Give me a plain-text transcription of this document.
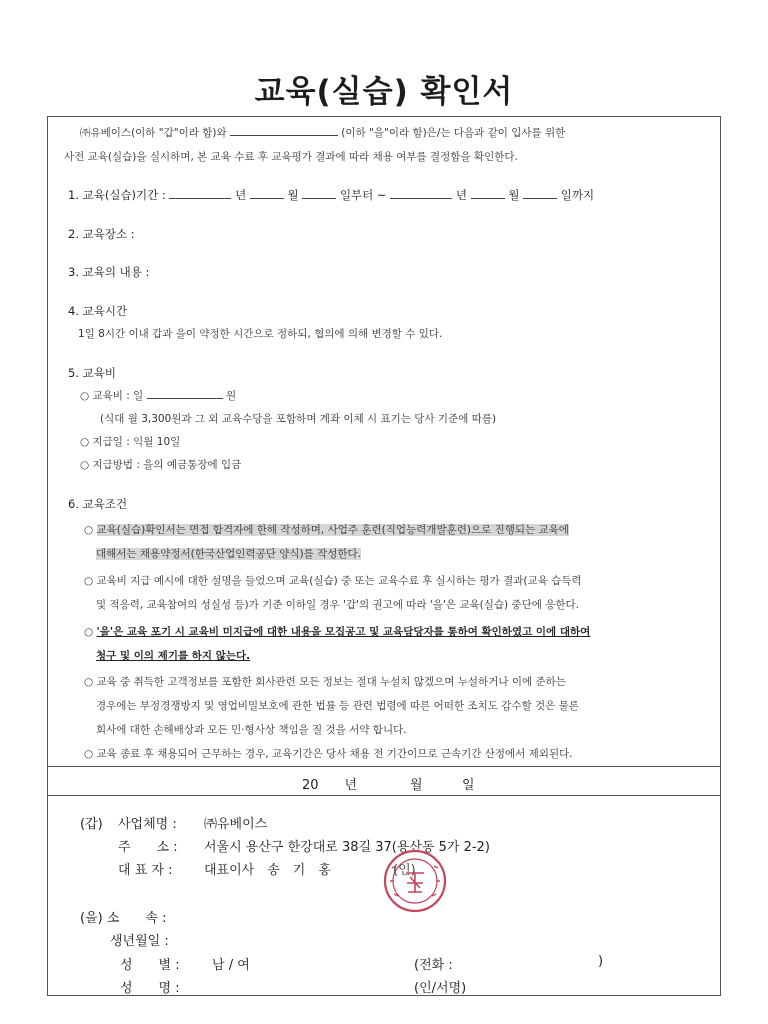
교육(실습) 확인서
㈜유베이스(이하 "갑"이라 함)와	(이하 "을"이라 함)은/는 다음과 같이 입사를 위한
사전 교육(실습)을 실시하며, 본 교육 수료 후 교육평가 결과에 따라 채용 여부를 결정함을 확인한다.
1. 교육(실습)기간 :	년	월	일부터 ~	년	월	일까지
2. 교육장소 :
3. 교육의 내용 :
4. 교육시간
1일 8시간 이내 갑과 을이 약정한 시간으로 정하되, 협의에 의해 변경할 수 있다.
5. 교육비
○ 교육비 : 일	원
(식대 월 3,300원과 그 외 교육수당을 포함하며 계좌 이체 시 표기는 당사 기준에 따름)
○ 지급일 : 익월 10일
○ 지급방법 : 을의 예금통장에 입금
6. 교육조건
○ 교육(실습)확인서는 면접 합격자에 한해 작성하며, 사업주 훈련(직업능력개발훈련)으로 진행되는 교육에
대해서는 채용약정서(한국산업인력공단 양식)를 작성한다.
○ 교육비 지급 예시에 대한 설명을 들었으며 교육(실습) 중 또는 교육수료 후 실시하는 평가 결과(교육 습득력
및 적응력, 교육참여의 성실성 등)가 기준 이하일 경우 '갑'의 권고에 따라 '을'은 교육(실습) 중단에 응한다.
○ '을'은 교육 포기 시 교육비 미지급에 대한 내용을 모집공고 및 교육담당자를 통하여 확인하였고 이에 대하여
청구 및 이의 제기를 하지 않는다.
○ 교육 중 취득한 고객정보를 포함한 회사관련 모든 정보는 절대 누설치 않겠으며 누설하거나 이에 준하는
경우에는 부정경쟁방지 및 영업비밀보호에 관한 법률 등 관련 법령에 따른 어떠한 조치도 감수할 것은 물론
회사에 대한 손해배상과 모든 민·형사상 책임을 질 것을 서약 합니다.
○ 교육 종료 후 채용되어 근무하는 경우, 교육기간은 당사 채용 전 기간이므로 근속기간 산정에서 제외된다.
20　　년	월	일
(갑) 사업체명 : ㈜유베이스
주　　소 : 서울시 용산구 한강대로 38길 37(용산동 5가 2-2)
대 표 자 : 대표이사　송　기　홍	(인)
(을) 소　　속 :
생년월일 :
성　　별 : 남 / 여	(전화 :	)
성　　명 :	(인/서명)
